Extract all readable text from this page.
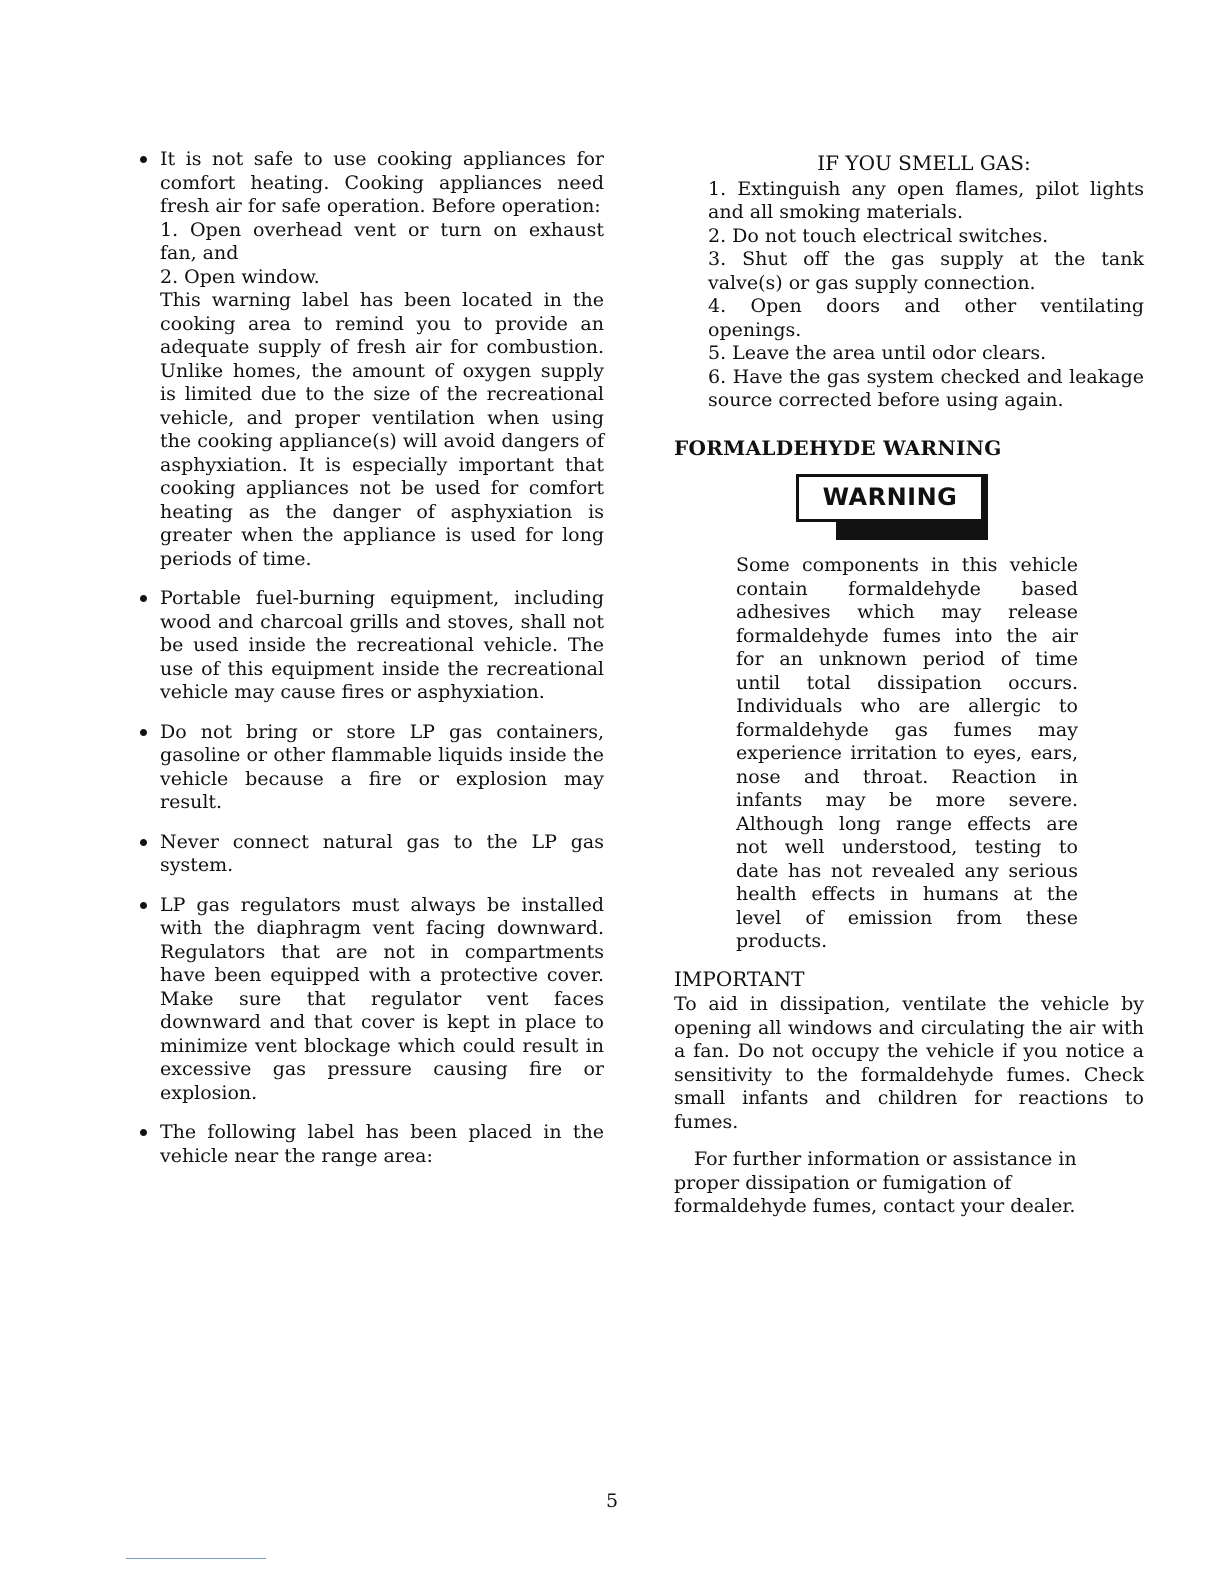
It is not safe to use cooking appliances for comfort heating. Cooking appliances need fresh air for safe operation. Before operation:
1. Open overhead vent or turn on exhaust fan, and
2. Open window.
This warning label has been located in the cooking area to remind you to provide an adequate supply of fresh air for combustion. Unlike homes, the amount of oxygen supply is limited due to the size of the recreational vehicle, and proper ventilation when using the cooking appliance(s) will avoid dangers of asphyxiation. It is especially important that cooking appliances not be used for comfort heating as the danger of asphyxiation is greater when the appliance is used for long periods of time.
Portable fuel-burning equipment, including wood and charcoal grills and stoves, shall not be used inside the recreational vehicle. The use of this equipment inside the recreational vehicle may cause fires or asphyxiation.
Do not bring or store LP gas containers, gasoline or other flammable liquids inside the vehicle because a fire or explosion may result.
Never connect natural gas to the LP gas system.
LP gas regulators must always be installed with the diaphragm vent facing downward. Regulators that are not in compartments have been equipped with a protective cover. Make sure that regulator vent faces downward and that cover is kept in place to minimize vent blockage which could result in excessive gas pressure causing fire or explosion.
The following label has been placed in the vehicle near the range area:
IF YOU SMELL GAS:
1. Extinguish any open flames, pilot lights and all smoking materials.
2. Do not touch electrical switches.
3. Shut off the gas supply at the tank valve(s) or gas supply connection.
4. Open doors and other ventilating openings.
5. Leave the area until odor clears.
6. Have the gas system checked and leakage source corrected before using again.
FORMALDEHYDE WARNING
WARNING
Some components in this vehicle contain formaldehyde based adhesives which may release formaldehyde fumes into the air for an unknown period of time until total dissipation occurs. Individuals who are allergic to formaldehyde gas fumes may experience irritation to eyes, ears, nose and throat. Reaction in infants may be more severe. Although long range effects are not well understood, testing to date has not revealed any serious health effects in humans at the level of emission from these products.
IMPORTANT
To aid in dissipation, ventilate the vehicle by opening all windows and circulating the air with a fan. Do not occupy the vehicle if you notice a sensitivity to the formaldehyde fumes. Check small infants and children for reactions to fumes.
For further information or assistance in proper dissipation or fumigation of formaldehyde fumes, contact your dealer.
5
